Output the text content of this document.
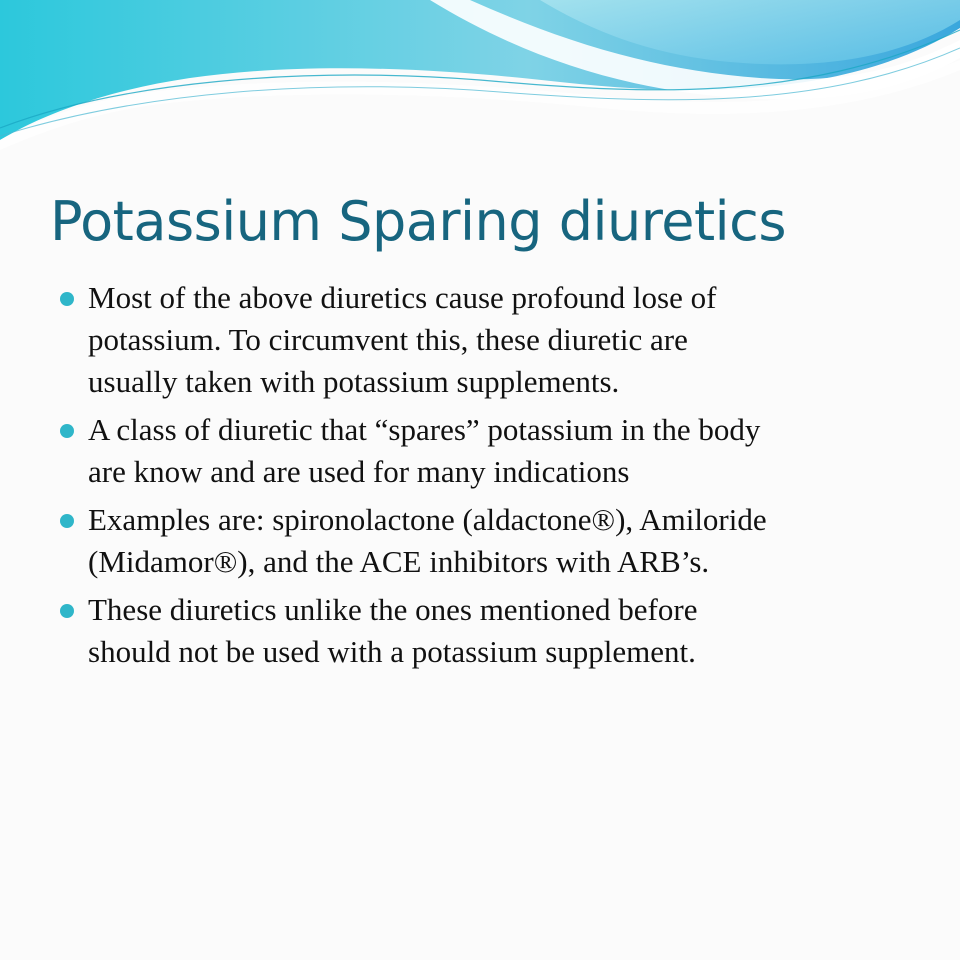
Potassium Sparing diuretics
Most of the above diuretics cause profound lose of
potassium. To circumvent this, these diuretic are
usually taken with potassium supplements.
A class of diuretic that “spares” potassium in the body
are know and are used for many indications
Examples are: spironolactone (aldactone®), Amiloride
(Midamor®), and the ACE inhibitors with ARB’s.
These diuretics unlike the ones mentioned before
should not be used with a potassium supplement.
